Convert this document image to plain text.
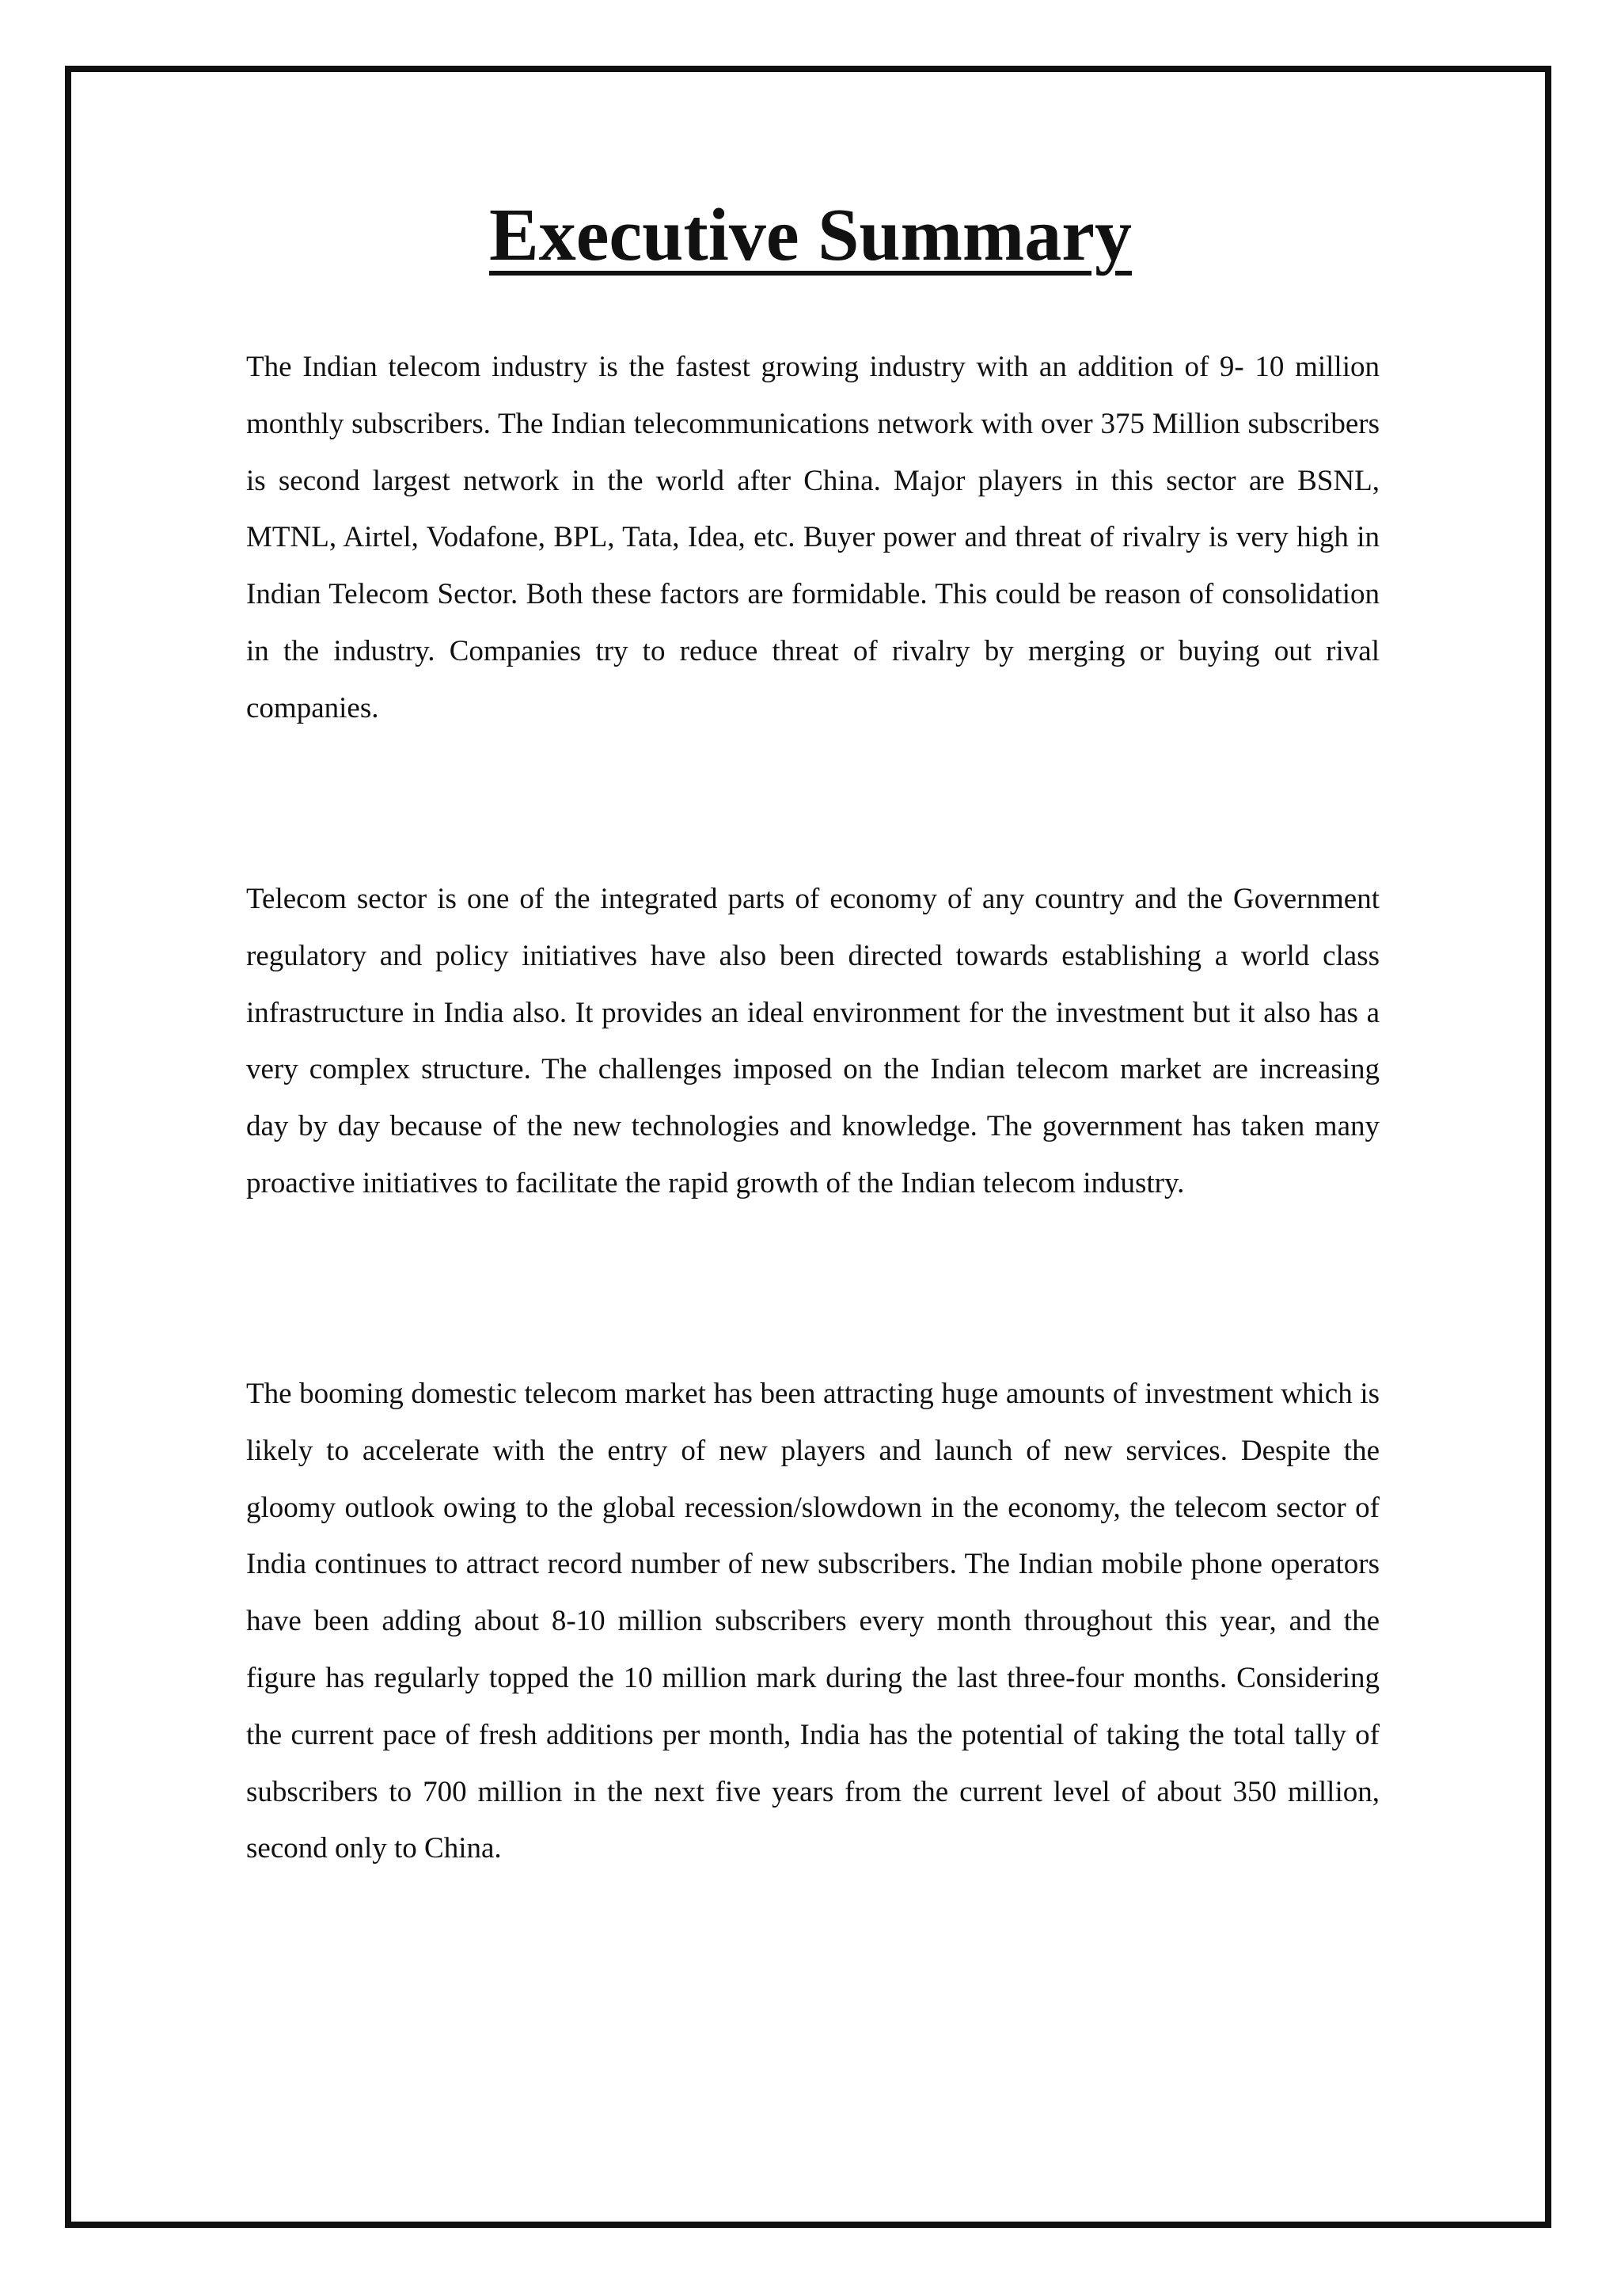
Executive Summary

The Indian telecom industry is the fastest growing industry with an addition of 9- 10 million monthly subscribers. The Indian telecommunications network with over 375 Million subscribers is second largest network in the world after China. Major players in this sector are BSNL, MTNL, Airtel, Vodafone, BPL, Tata, Idea, etc. Buyer power and threat of rivalry is very high in Indian Telecom Sector. Both these factors are formidable. This could be reason of consolidation in the industry. Companies try to reduce threat of rivalry by merging or buying out rival companies.

Telecom sector is one of the integrated parts of economy of any country and the Government regulatory and policy initiatives have also been directed towards establishing a world class infrastructure in India also. It provides an ideal environment for the investment but it also has a very complex structure. The challenges imposed on the Indian telecom market are increasing day by day because of the new technologies and knowledge. The government has taken many proactive initiatives to facilitate the rapid growth of the Indian telecom industry.

The booming domestic telecom market has been attracting huge amounts of investment which is likely to accelerate with the entry of new players and launch of new services. Despite the gloomy outlook owing to the global recession/slowdown in the economy, the telecom sector of India continues to attract record number of new subscribers. The Indian mobile phone operators have been adding about 8-10 million subscribers every month throughout this year, and the figure has regularly topped the 10 million mark during the last three-four months. Considering the current pace of fresh additions per month, India has the potential of taking the total tally of subscribers to 700 million in the next five years from the current level of about 350 million, second only to China.
